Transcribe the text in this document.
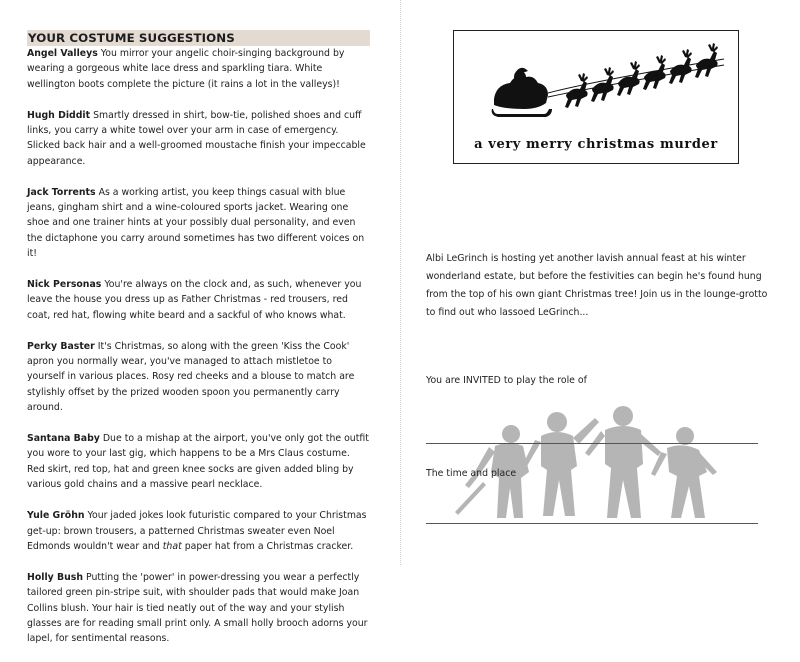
YOUR COSTUME SUGGESTIONS

Angel Valleys You mirror your angelic choir-singing background by wearing a gorgeous white lace dress and sparkling tiara. White wellington boots complete the picture (it rains a lot in the valleys)!

Hugh Diddit Smartly dressed in shirt, bow-tie, polished shoes and cuff links, you carry a white towel over your arm in case of emergency. Slicked back hair and a well-groomed moustache finish your impeccable appearance.

Jack Torrents As a working artist, you keep things casual with blue jeans, gingham shirt and a wine-coloured sports jacket. Wearing one shoe and one trainer hints at your possibly dual personality, and even the dictaphone you carry around sometimes has two different voices on it!

Nick Personas You're always on the clock and, as such, whenever you leave the house you dress up as Father Christmas - red trousers, red coat, red hat, flowing white beard and a sackful of who knows what.

Perky Baster It's Christmas, so along with the green 'Kiss the Cook' apron you normally wear, you've managed to attach mistletoe to yourself in various places. Rosy red cheeks and a blouse to match are stylishly offset by the prized wooden spoon you permanently carry around.

Santana Baby Due to a mishap at the airport, you've only got the outfit you wore to your last gig, which happens to be a Mrs Claus costume. Red skirt, red top, hat and green knee socks are given added bling by various gold chains and a massive pearl necklace.

Yule Gröhn Your jaded jokes look futuristic compared to your Christmas get-up: brown trousers, a patterned Christmas sweater even Noel Edmonds wouldn't wear and that paper hat from a Christmas cracker.

Holly Bush Putting the 'power' in power-dressing you wear a perfectly tailored green pin-stripe suit, with shoulder pads that would make Joan Collins blush. Your hair is tied neatly out of the way and your stylish glasses are for reading small print only. A small holly brooch adorns your lapel, for sentimental reasons.

a very merry christmas murder
Albi LeGrinch is hosting yet another lavish annual feast at his winter wonderland estate, but before the festivities can begin he's found hung from the top of his own giant Christmas tree! Join us in the lounge-grotto to find out who lassoed LeGrinch...
You are INVITED to play the role of
The time and place
